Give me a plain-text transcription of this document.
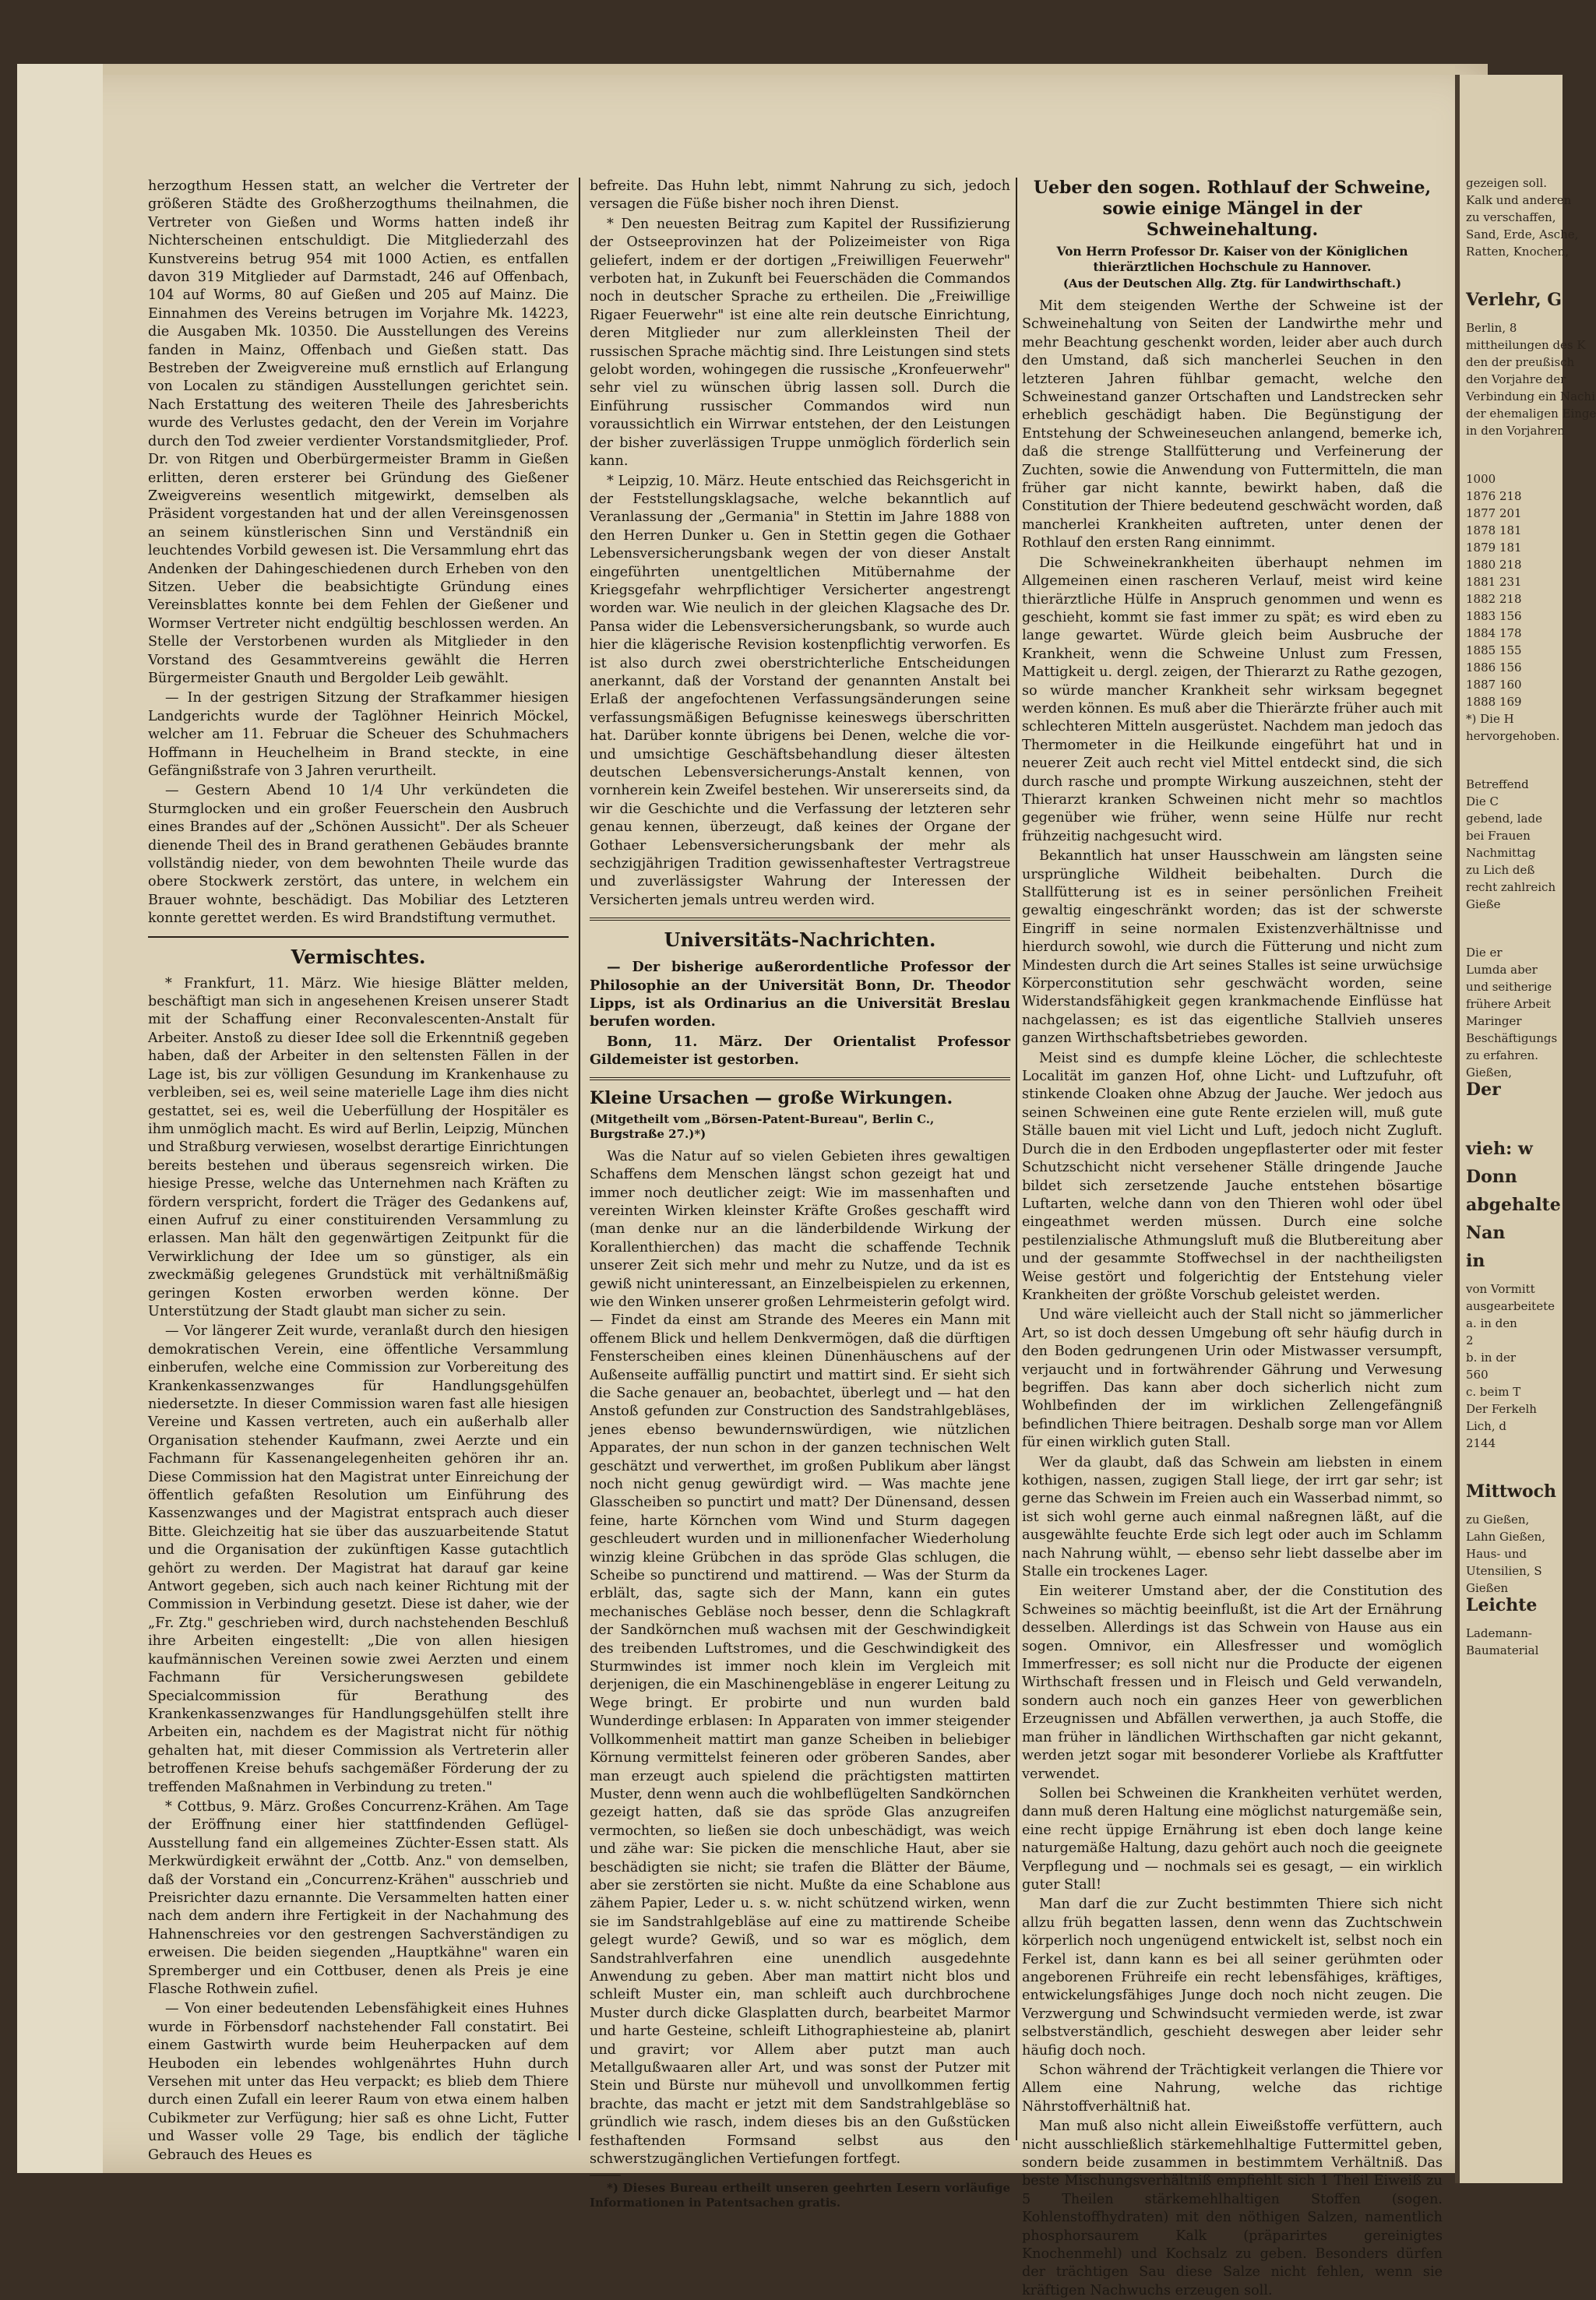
herzogthum Hessen statt, an welcher die Vertreter der größeren Städte des Großherzogthums theilnahmen, die Vertreter von Gießen und Worms hatten indeß ihr Nichterscheinen entschuldigt. Die Mitgliederzahl des Kunstvereins betrug 954 mit 1000 Actien, es entfallen davon 319 Mitglieder auf Darmstadt, 246 auf Offenbach, 104 auf Worms, 80 auf Gießen und 205 auf Mainz. Die Einnahmen des Vereins betrugen im Vorjahre Mk. 14223, die Ausgaben Mk. 10350. Die Ausstellungen des Vereins fanden in Mainz, Offenbach und Gießen statt. Das Bestreben der Zweigvereine muß ernstlich auf Erlangung von Localen zu ständigen Ausstellungen gerichtet sein. Nach Erstattung des weiteren Theile des Jahresberichts wurde des Verlustes gedacht, den der Verein im Vorjahre durch den Tod zweier verdienter Vorstandsmitglieder, Prof. Dr. von Ritgen und Oberbürgermeister Bramm in Gießen erlitten, deren ersterer bei Gründung des Gießener Zweigvereins wesentlich mitgewirkt, demselben als Präsident vorgestanden hat und der allen Vereinsgenossen an seinem künstlerischen Sinn und Verständniß ein leuchtendes Vorbild gewesen ist. Die Versammlung ehrt das Andenken der Dahingeschiedenen durch Erheben von den Sitzen. Ueber die beabsichtigte Gründung eines Vereinsblattes konnte bei dem Fehlen der Gießener und Wormser Vertreter nicht endgültig beschlossen werden. An Stelle der Verstorbenen wurden als Mitglieder in den Vorstand des Gesammtvereins gewählt die Herren Bürgermeister Gnauth und Bergolder Leib gewählt.

— In der gestrigen Sitzung der Strafkammer hiesigen Landgerichts wurde der Taglöhner Heinrich Möckel, welcher am 11. Februar die Scheuer des Schuhmachers Hoffmann in Heuchelheim in Brand steckte, in eine Gefängnißstrafe von 3 Jahren verurtheilt.

— Gestern Abend 10 1/4 Uhr verkündeten die Sturmglocken und ein großer Feuerschein den Ausbruch eines Brandes auf der „Schönen Aussicht". Der als Scheuer dienende Theil des in Brand gerathenen Gebäudes brannte vollständig nieder, von dem bewohnten Theile wurde das obere Stockwerk zerstört, das untere, in welchem ein Brauer wohnte, beschädigt. Das Mobiliar des Letzteren konnte gerettet werden. Es wird Brandstiftung vermuthet.

Vermischtes.

* Frankfurt, 11. März. Wie hiesige Blätter melden, beschäftigt man sich in angesehenen Kreisen unserer Stadt mit der Schaffung einer Reconvalescenten-Anstalt für Arbeiter. Anstoß zu dieser Idee soll die Erkenntniß gegeben haben, daß der Arbeiter in den seltensten Fällen in der Lage ist, bis zur völligen Gesundung im Krankenhause zu verbleiben, sei es, weil seine materielle Lage ihm dies nicht gestattet, sei es, weil die Ueberfüllung der Hospitäler es ihm unmöglich macht. Es wird auf Berlin, Leipzig, München und Straßburg verwiesen, woselbst derartige Einrichtungen bereits bestehen und überaus segensreich wirken. Die hiesige Presse, welche das Unternehmen nach Kräften zu fördern verspricht, fordert die Träger des Gedankens auf, einen Aufruf zu einer constituirenden Versammlung zu erlassen. Man hält den gegenwärtigen Zeitpunkt für die Verwirklichung der Idee um so günstiger, als ein zweckmäßig gelegenes Grundstück mit verhältnißmäßig geringen Kosten erworben werden könne. Der Unterstützung der Stadt glaubt man sicher zu sein.

— Vor längerer Zeit wurde, veranlaßt durch den hiesigen demokratischen Verein, eine öffentliche Versammlung einberufen, welche eine Commission zur Vorbereitung des Krankenkassenzwanges für Handlungsgehülfen niedersetzte. In dieser Commission waren fast alle hiesigen Vereine und Kassen vertreten, auch ein außerhalb aller Organisation stehender Kaufmann, zwei Aerzte und ein Fachmann für Kassenangelegenheiten gehören ihr an. Diese Commission hat den Magistrat unter Einreichung der öffentlich gefaßten Resolution um Einführung des Kassenzwanges und der Magistrat entsprach auch dieser Bitte. Gleichzeitig hat sie über das auszuarbeitende Statut und die Organisation der zukünftigen Kasse gutachtlich gehört zu werden. Der Magistrat hat darauf gar keine Antwort gegeben, sich auch nach keiner Richtung mit der Commission in Verbindung gesetzt. Diese ist daher, wie der „Fr. Ztg." geschrieben wird, durch nachstehenden Beschluß ihre Arbeiten eingestellt: „Die von allen hiesigen kaufmännischen Vereinen sowie zwei Aerzten und einem Fachmann für Versicherungswesen gebildete Specialcommission für Berathung des Krankenkassenzwanges für Handlungsgehülfen stellt ihre Arbeiten ein, nachdem es der Magistrat nicht für nöthig gehalten hat, mit dieser Commission als Vertreterin aller betroffenen Kreise behufs sachgemäßer Förderung der zu treffenden Maßnahmen in Verbindung zu treten."

* Cottbus, 9. März. Großes Concurrenz-Krähen. Am Tage der Eröffnung einer hier stattfindenden Geflügel-Ausstellung fand ein allgemeines Züchter-Essen statt. Als Merkwürdigkeit erwähnt der „Cottb. Anz." von demselben, daß der Vorstand ein „Concurrenz-Krähen" ausschrieb und Preisrichter dazu ernannte. Die Versammelten hatten einer nach dem andern ihre Fertigkeit in der Nachahmung des Hahnenschreies vor den gestrengen Sachverständigen zu erweisen. Die beiden siegenden „Hauptkähne" waren ein Spremberger und ein Cottbuser, denen als Preis je eine Flasche Rothwein zufiel.

— Von einer bedeutenden Lebensfähigkeit eines Huhnes wurde in Förbensdorf nachstehender Fall constatirt. Bei einem Gastwirth wurde beim Heuherpacken auf dem Heuboden ein lebendes wohlgenährtes Huhn durch Versehen mit unter das Heu verpackt; es blieb dem Thiere durch einen Zufall ein leerer Raum von etwa einem halben Cubikmeter zur Verfügung; hier saß es ohne Licht, Futter und Wasser volle 29 Tage, bis endlich der tägliche Gebrauch des Heues es

befreite. Das Huhn lebt, nimmt Nahrung zu sich, jedoch versagen die Füße bisher noch ihren Dienst.

* Den neuesten Beitrag zum Kapitel der Russifizierung der Ostseeprovinzen hat der Polizeimeister von Riga geliefert, indem er der dortigen „Freiwilligen Feuerwehr" verboten hat, in Zukunft bei Feuerschäden die Commandos noch in deutscher Sprache zu ertheilen. Die „Freiwillige Rigaer Feuerwehr" ist eine alte rein deutsche Einrichtung, deren Mitglieder nur zum allerkleinsten Theil der russischen Sprache mächtig sind. Ihre Leistungen sind stets gelobt worden, wohingegen die russische „Kronfeuerwehr" sehr viel zu wünschen übrig lassen soll. Durch die Einführung russischer Commandos wird nun voraussichtlich ein Wirrwar entstehen, der den Leistungen der bisher zuverlässigen Truppe unmöglich förderlich sein kann.

* Leipzig, 10. März. Heute entschied das Reichsgericht in der Feststellungsklagsache, welche bekanntlich auf Veranlassung der „Germania" in Stettin im Jahre 1888 von den Herren Dunker u. Gen in Stettin gegen die Gothaer Lebensversicherungsbank wegen der von dieser Anstalt eingeführten unentgeltlichen Mitübernahme der Kriegsgefahr wehrpflichtiger Versicherter angestrengt worden war. Wie neulich in der gleichen Klagsache des Dr. Pansa wider die Lebensversicherungsbank, so wurde auch hier die klägerische Revision kostenpflichtig verworfen. Es ist also durch zwei oberstrichterliche Entscheidungen anerkannt, daß der Vorstand der genannten Anstalt bei Erlaß der angefochtenen Verfassungsänderungen seine verfassungsmäßigen Befugnisse keineswegs überschritten hat. Darüber konnte übrigens bei Denen, welche die vor- und umsichtige Geschäftsbehandlung dieser ältesten deutschen Lebensversicherungs-Anstalt kennen, von vornherein kein Zweifel bestehen. Wir unsererseits sind, da wir die Geschichte und die Verfassung der letzteren sehr genau kennen, überzeugt, daß keines der Organe der Gothaer Lebensversicherungsbank der mehr als sechzigjährigen Tradition gewissenhaftester Vertragstreue und zuverlässigster Wahrung der Interessen der Versicherten jemals untreu werden wird.

Universitäts-Nachrichten.

— Der bisherige außerordentliche Professor der Philosophie an der Universität Bonn, Dr. Theodor Lipps, ist als Ordinarius an die Universität Breslau berufen worden.

Bonn, 11. März. Der Orientalist Professor Gildemeister ist gestorben.

Kleine Ursachen — große Wirkungen.
(Mitgetheilt vom „Börsen-Patent-Bureau", Berlin C., Burgstraße 27.)*)

Was die Natur auf so vielen Gebieten ihres gewaltigen Schaffens dem Menschen längst schon gezeigt hat und immer noch deutlicher zeigt: Wie im massenhaften und vereinten Wirken kleinster Kräfte Großes geschafft wird (man denke nur an die länderbildende Wirkung der Korallenthierchen) das macht die schaffende Technik unserer Zeit sich mehr und mehr zu Nutze, und da ist es gewiß nicht uninteressant, an Einzelbeispielen zu erkennen, wie den Winken unserer großen Lehrmeisterin gefolgt wird. — Findet da einst am Strande des Meeres ein Mann mit offenem Blick und hellem Denkvermögen, daß die dürftigen Fensterscheiben eines kleinen Dünenhäuschens auf der Außenseite auffällig punctirt und mattirt sind. Er sieht sich die Sache genauer an, beobachtet, überlegt und — hat den Anstoß gefunden zur Construction des Sandstrahlgebläses, jenes ebenso bewundernswürdigen, wie nützlichen Apparates, der nun schon in der ganzen technischen Welt geschätzt und verwerthet, im großen Publikum aber längst noch nicht genug gewürdigt wird. — Was machte jene Glasscheiben so punctirt und matt? Der Dünensand, dessen feine, harte Körnchen vom Wind und Sturm dagegen geschleudert wurden und in millionenfacher Wiederholung winzig kleine Grübchen in das spröde Glas schlugen, die Scheibe so punctirend und mattirend. — Was der Sturm da erblält, das, sagte sich der Mann, kann ein gutes mechanisches Gebläse noch besser, denn die Schlagkraft der Sandkörnchen muß wachsen mit der Geschwindigkeit des treibenden Luftstromes, und die Geschwindigkeit des Sturmwindes ist immer noch klein im Vergleich mit derjenigen, die ein Maschinengebläse in engerer Leitung zu Wege bringt. Er probirte und nun wurden bald Wunderdinge erblasen: In Apparaten von immer steigender Vollkommenheit mattirt man ganze Scheiben in beliebiger Körnung vermittelst feineren oder gröberen Sandes, aber man erzeugt auch spielend die prächtigsten mattirten Muster, denn wenn auch die wohlbeflügelten Sandkörnchen gezeigt hatten, daß sie das spröde Glas anzugreifen vermochten, so ließen sie doch unbeschädigt, was weich und zähe war: Sie picken die menschliche Haut, aber sie beschädigten sie nicht; sie trafen die Blätter der Bäume, aber sie zerstörten sie nicht. Mußte da eine Schablone aus zähem Papier, Leder u. s. w. nicht schützend wirken, wenn sie im Sandstrahlgebläse auf eine zu mattirende Scheibe gelegt wurde? Gewiß, und so war es möglich, dem Sandstrahlverfahren eine unendlich ausgedehnte Anwendung zu geben. Aber man mattirt nicht blos und schleift Muster ein, man schleift auch durchbrochene Muster durch dicke Glasplatten durch, bearbeitet Marmor und harte Gesteine, schleift Lithographiesteine ab, planirt und gravirt; vor Allem aber putzt man auch Metallgußwaaren aller Art, und was sonst der Putzer mit Stein und Bürste nur mühevoll und unvollkommen fertig brachte, das macht er jetzt mit dem Sandstrahlgebläse so gründlich wie rasch, indem dieses bis an den Gußstücken festhaftenden Formsand selbst aus den schwerstzugänglichen Vertiefungen fortfegt.

*) Dieses Bureau ertheilt unseren geehrten Lesern vorläufige Informationen in Patentsachen gratis.

Ueber den sogen. Rothlauf der Schweine, sowie einige Mängel in der Schweinehaltung.
Von Herrn Professor Dr. Kaiser von der Königlichen thierärztlichen Hochschule zu Hannover.
(Aus der Deutschen Allg. Ztg. für Landwirthschaft.)

Mit dem steigenden Werthe der Schweine ist der Schweinehaltung von Seiten der Landwirthe mehr und mehr Beachtung geschenkt worden, leider aber auch durch den Umstand, daß sich mancherlei Seuchen in den letzteren Jahren fühlbar gemacht, welche den Schweinestand ganzer Ortschaften und Landstrecken sehr erheblich geschädigt haben. Die Begünstigung der Entstehung der Schweineseuchen anlangend, bemerke ich, daß die strenge Stallfütterung und Verfeinerung der Zuchten, sowie die Anwendung von Futtermitteln, die man früher gar nicht kannte, bewirkt haben, daß die Constitution der Thiere bedeutend geschwächt worden, daß mancherlei Krankheiten auftreten, unter denen der Rothlauf den ersten Rang einnimmt.

Die Schweinekrankheiten überhaupt nehmen im Allgemeinen einen rascheren Verlauf, meist wird keine thierärztliche Hülfe in Anspruch genommen und wenn es geschieht, kommt sie fast immer zu spät; es wird eben zu lange gewartet. Würde gleich beim Ausbruche der Krankheit, wenn die Schweine Unlust zum Fressen, Mattigkeit u. dergl. zeigen, der Thierarzt zu Rathe gezogen, so würde mancher Krankheit sehr wirksam begegnet werden können. Es muß aber die Thierärzte früher auch mit schlechteren Mitteln ausgerüstet. Nachdem man jedoch das Thermometer in die Heilkunde eingeführt hat und in neuerer Zeit auch recht viel Mittel entdeckt sind, die sich durch rasche und prompte Wirkung auszeichnen, steht der Thierarzt kranken Schweinen nicht mehr so machtlos gegenüber wie früher, wenn seine Hülfe nur recht frühzeitig nachgesucht wird.

Bekanntlich hat unser Hausschwein am längsten seine ursprüngliche Wildheit beibehalten. Durch die Stallfütterung ist es in seiner persönlichen Freiheit gewaltig eingeschränkt worden; das ist der schwerste Eingriff in seine normalen Existenzverhältnisse und hierdurch sowohl, wie durch die Fütterung und nicht zum Mindesten durch die Art seines Stalles ist seine urwüchsige Körperconstitution sehr geschwächt worden, seine Widerstandsfähigkeit gegen krankmachende Einflüsse hat nachgelassen; es ist das eigentliche Stallvieh unseres ganzen Wirthschaftsbetriebes geworden.

Meist sind es dumpfe kleine Löcher, die schlechteste Localität im ganzen Hof, ohne Licht- und Luftzufuhr, oft stinkende Cloaken ohne Abzug der Jauche. Wer jedoch aus seinen Schweinen eine gute Rente erzielen will, muß gute Ställe bauen mit viel Licht und Luft, jedoch nicht Zugluft. Durch die in den Erdboden ungepflasterter oder mit fester Schutzschicht nicht versehener Ställe dringende Jauche bildet sich zersetzende Jauche entstehen bösartige Luftarten, welche dann von den Thieren wohl oder übel eingeathmet werden müssen. Durch eine solche pestilenzialische Athmungsluft muß die Blutbereitung aber und der gesammte Stoffwechsel in der nachtheiligsten Weise gestört und folgerichtig der Entstehung vieler Krankheiten der größte Vorschub geleistet werden.

Und wäre vielleicht auch der Stall nicht so jämmerlicher Art, so ist doch dessen Umgebung oft sehr häufig durch in den Boden gedrungenen Urin oder Mistwasser versumpft, verjaucht und in fortwährender Gährung und Verwesung begriffen. Das kann aber doch sicherlich nicht zum Wohlbefinden der im wirklichen Zellengefängniß befindlichen Thiere beitragen. Deshalb sorge man vor Allem für einen wirklich guten Stall.

Wer da glaubt, daß das Schwein am liebsten in einem kothigen, nassen, zugigen Stall liege, der irrt gar sehr; ist gerne das Schwein im Freien auch ein Wasserbad nimmt, so ist sich wohl gerne auch einmal naßregnen läßt, auf die ausgewählte feuchte Erde sich legt oder auch im Schlamm nach Nahrung wühlt, — ebenso sehr liebt dasselbe aber im Stalle ein trockenes Lager.

Ein weiterer Umstand aber, der die Constitution des Schweines so mächtig beeinflußt, ist die Art der Ernährung desselben. Allerdings ist das Schwein von Hause aus ein sogen. Omnivor, ein Allesfresser und womöglich Immerfresser; es soll nicht nur die Producte der eigenen Wirthschaft fressen und in Fleisch und Geld verwandeln, sondern auch noch ein ganzes Heer von gewerblichen Erzeugnissen und Abfällen verwerthen, ja auch Stoffe, die man früher in ländlichen Wirthschaften gar nicht gekannt, werden jetzt sogar mit besonderer Vorliebe als Kraftfutter verwendet.

Sollen bei Schweinen die Krankheiten verhütet werden, dann muß deren Haltung eine möglichst naturgemäße sein, eine recht üppige Ernährung ist eben doch lange keine naturgemäße Haltung, dazu gehört auch noch die geeignete Verpflegung und — nochmals sei es gesagt, — ein wirklich guter Stall!

Man darf die zur Zucht bestimmten Thiere sich nicht allzu früh begatten lassen, denn wenn das Zuchtschwein körperlich noch ungenügend entwickelt ist, selbst noch ein Ferkel ist, dann kann es bei all seiner gerühmten oder angeborenen Frühreife ein recht lebensfähiges, kräftiges, entwickelungsfähiges Junge doch noch nicht zeugen. Die Verzwergung und Schwindsucht vermieden werde, ist zwar selbstverständlich, geschieht deswegen aber leider sehr häufig doch noch.

Schon während der Trächtigkeit verlangen die Thiere vor Allem eine Nahrung, welche das richtige Nährstoffverhältniß hat.

Man muß also nicht allein Eiweißstoffe verfüttern, auch nicht ausschließlich stärkemehlhaltige Futtermittel geben, sondern beide zusammen in bestimmtem Verhältniß. Das beste Mischungsverhältniß empfiehlt sich 1 Theil Eiweiß zu 5 Theilen stärkemehlhaltigen Stoffen (sogen. Kohlenstoffhydraten) mit den nöthigen Salzen, namentlich phosphorsaurem Kalk (präparirtes gereinigtes Knochenmehl) und Kochsalz zu geben. Besonders dürfen der trächtigen Sau diese Salze nicht fehlen, wenn sie kräftigen Nachwuchs erzeugen soll.

gezeigen soll.
Kalk und anderen
zu verschaffen,
Sand, Erde, Asche,
Ratten, Knochen,
Verlehr, G
Berlin, 8
mittheilungen des K
den der preußisch
den Vorjahre der
Verbindung ein Nachi
der ehemaligen Einge
in den Vorjahren
1000
1876 218
1877 201
1878 181
1879 181
1880 218
1881 231
1882 218
1883 156
1884 178
1885 155
1886 156
1887 160
1888 169
*) Die H
hervorgehoben.
Betreffend
Die C
gebend, lade
bei Frauen
Nachmittag
zu Lich deß
recht zahlreich
Gieße
Die er
Lumda aber
und seitherige
frühere Arbeit
Maringer
Beschäftigungs
zu erfahren.
Gießen,
Der
vieh: w
Donn
abgehalte
Nan
in
von Vormitt
ausgearbeitete
a. in den
2
b. in der
560
c. beim T
Der Ferkelh
Lich, d
2144
Mittwoch
zu Gießen,
Lahn Gießen,
Haus- und
Utensilien, S
Gießen
Leichte
Lademann-
Baumaterial
